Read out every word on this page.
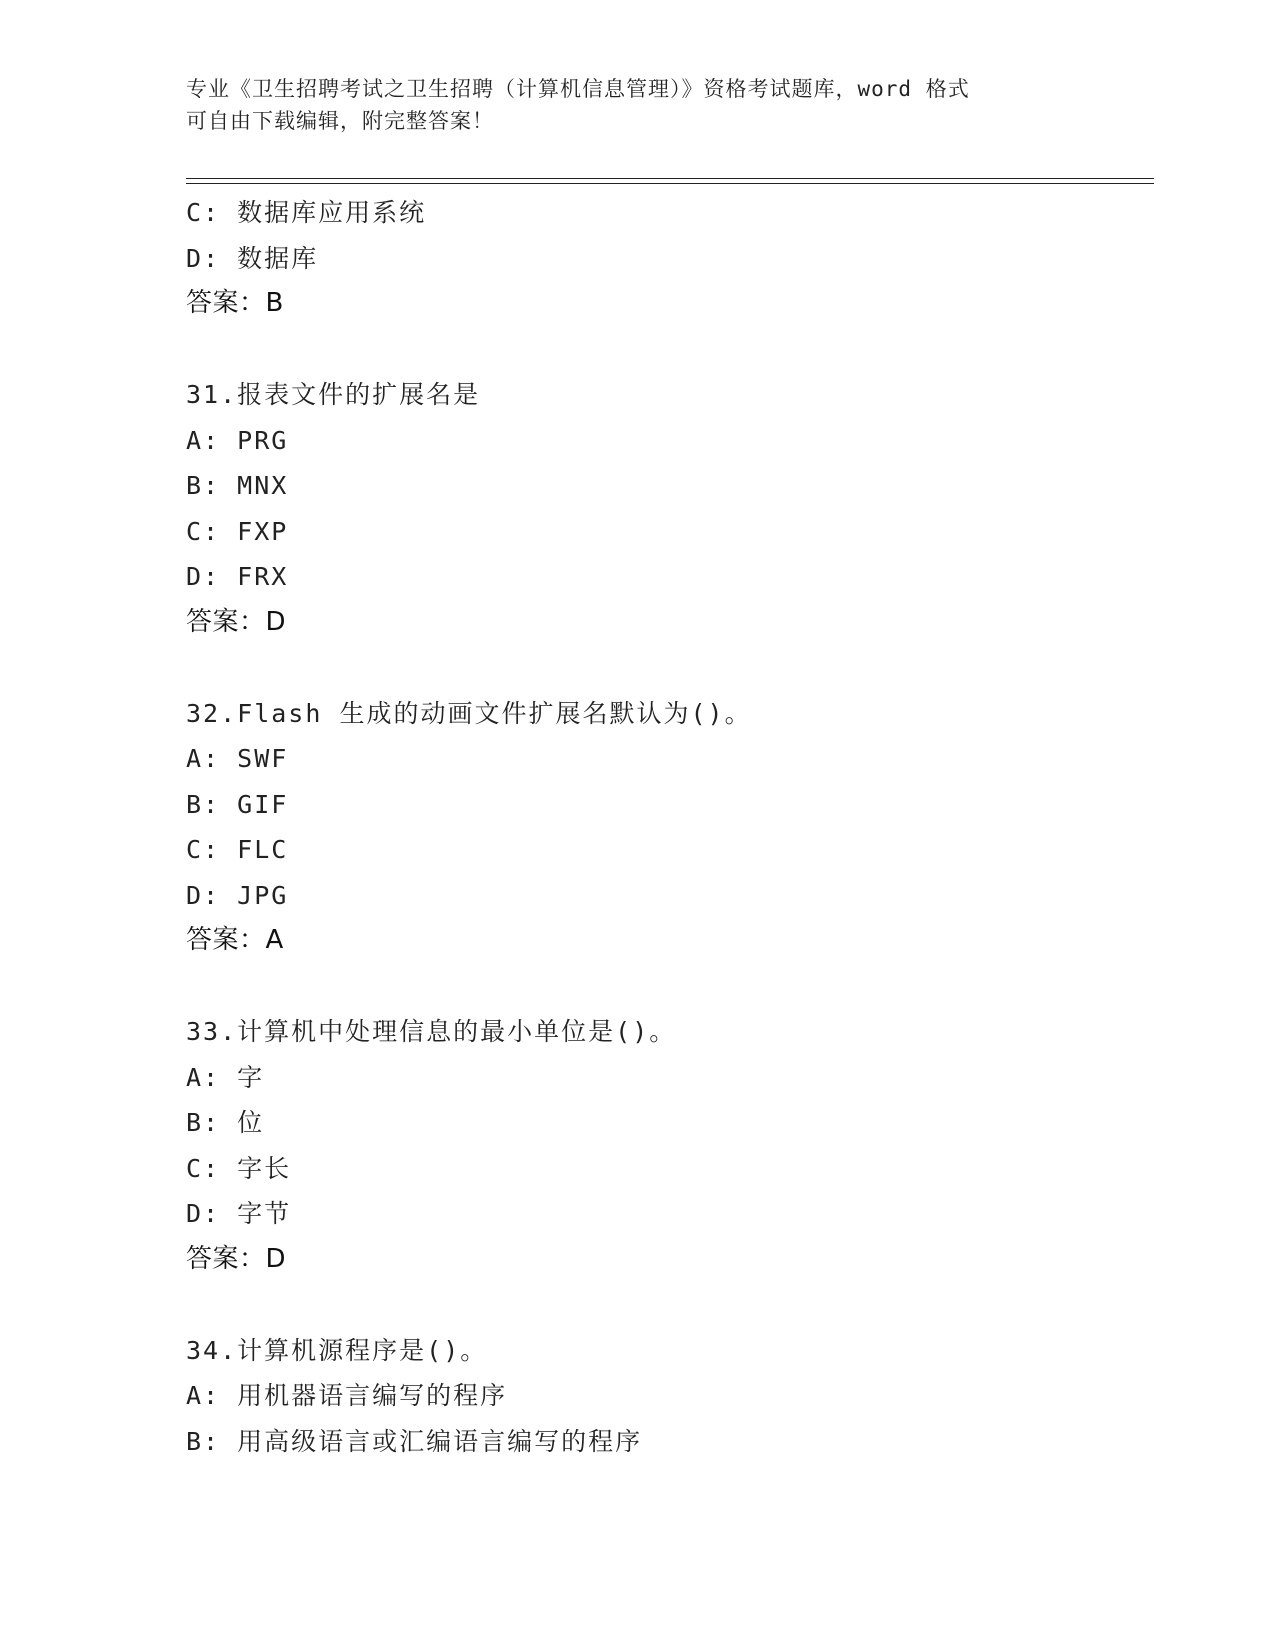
专业《卫生招聘考试之卫生招聘（计算机信息管理）》资格考试题库，word 格式
可自由下载编辑，附完整答案！
C: 数据库应用系统
D: 数据库
答案：B
31.报表文件的扩展名是
A: PRG
B: MNX
C: FXP
D: FRX
答案：D
32.Flash 生成的动画文件扩展名默认为()。
A: SWF
B: GIF
C: FLC
D: JPG
答案：A
33.计算机中处理信息的最小单位是()。
A: 字
B: 位
C: 字长
D: 字节
答案：D
34.计算机源程序是()。
A: 用机器语言编写的程序
B: 用高级语言或汇编语言编写的程序
